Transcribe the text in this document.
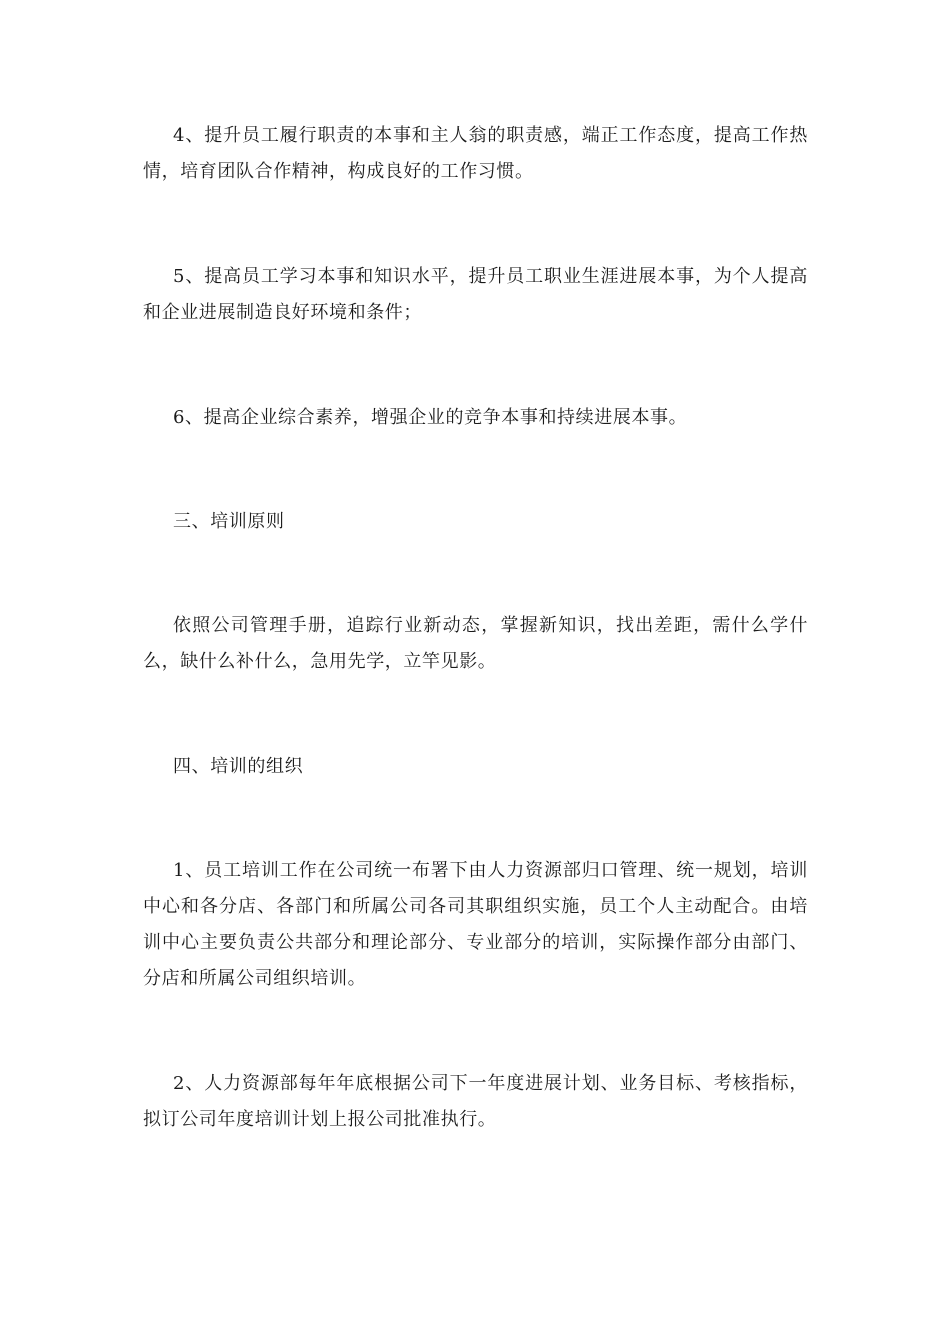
4、提升员工履行职责的本事和主人翁的职责感，端正工作态度，提高工作热情，培育团队合作精神，构成良好的工作习惯。

5、提高员工学习本事和知识水平，提升员工职业生涯进展本事，为个人提高和企业进展制造良好环境和条件；

6、提高企业综合素养，增强企业的竞争本事和持续进展本事。

三、培训原则

依照公司管理手册，追踪行业新动态，掌握新知识，找出差距，需什么学什么，缺什么补什么，急用先学，立竿见影。

四、培训的组织

1、员工培训工作在公司统一布署下由人力资源部归口管理、统一规划，培训中心和各分店、各部门和所属公司各司其职组织实施，员工个人主动配合。由培训中心主要负责公共部分和理论部分、专业部分的培训，实际操作部分由部门、分店和所属公司组织培训。

2、人力资源部每年年底根据公司下一年度进展计划、业务目标、考核指标，拟订公司年度培训计划上报公司批准执行。
